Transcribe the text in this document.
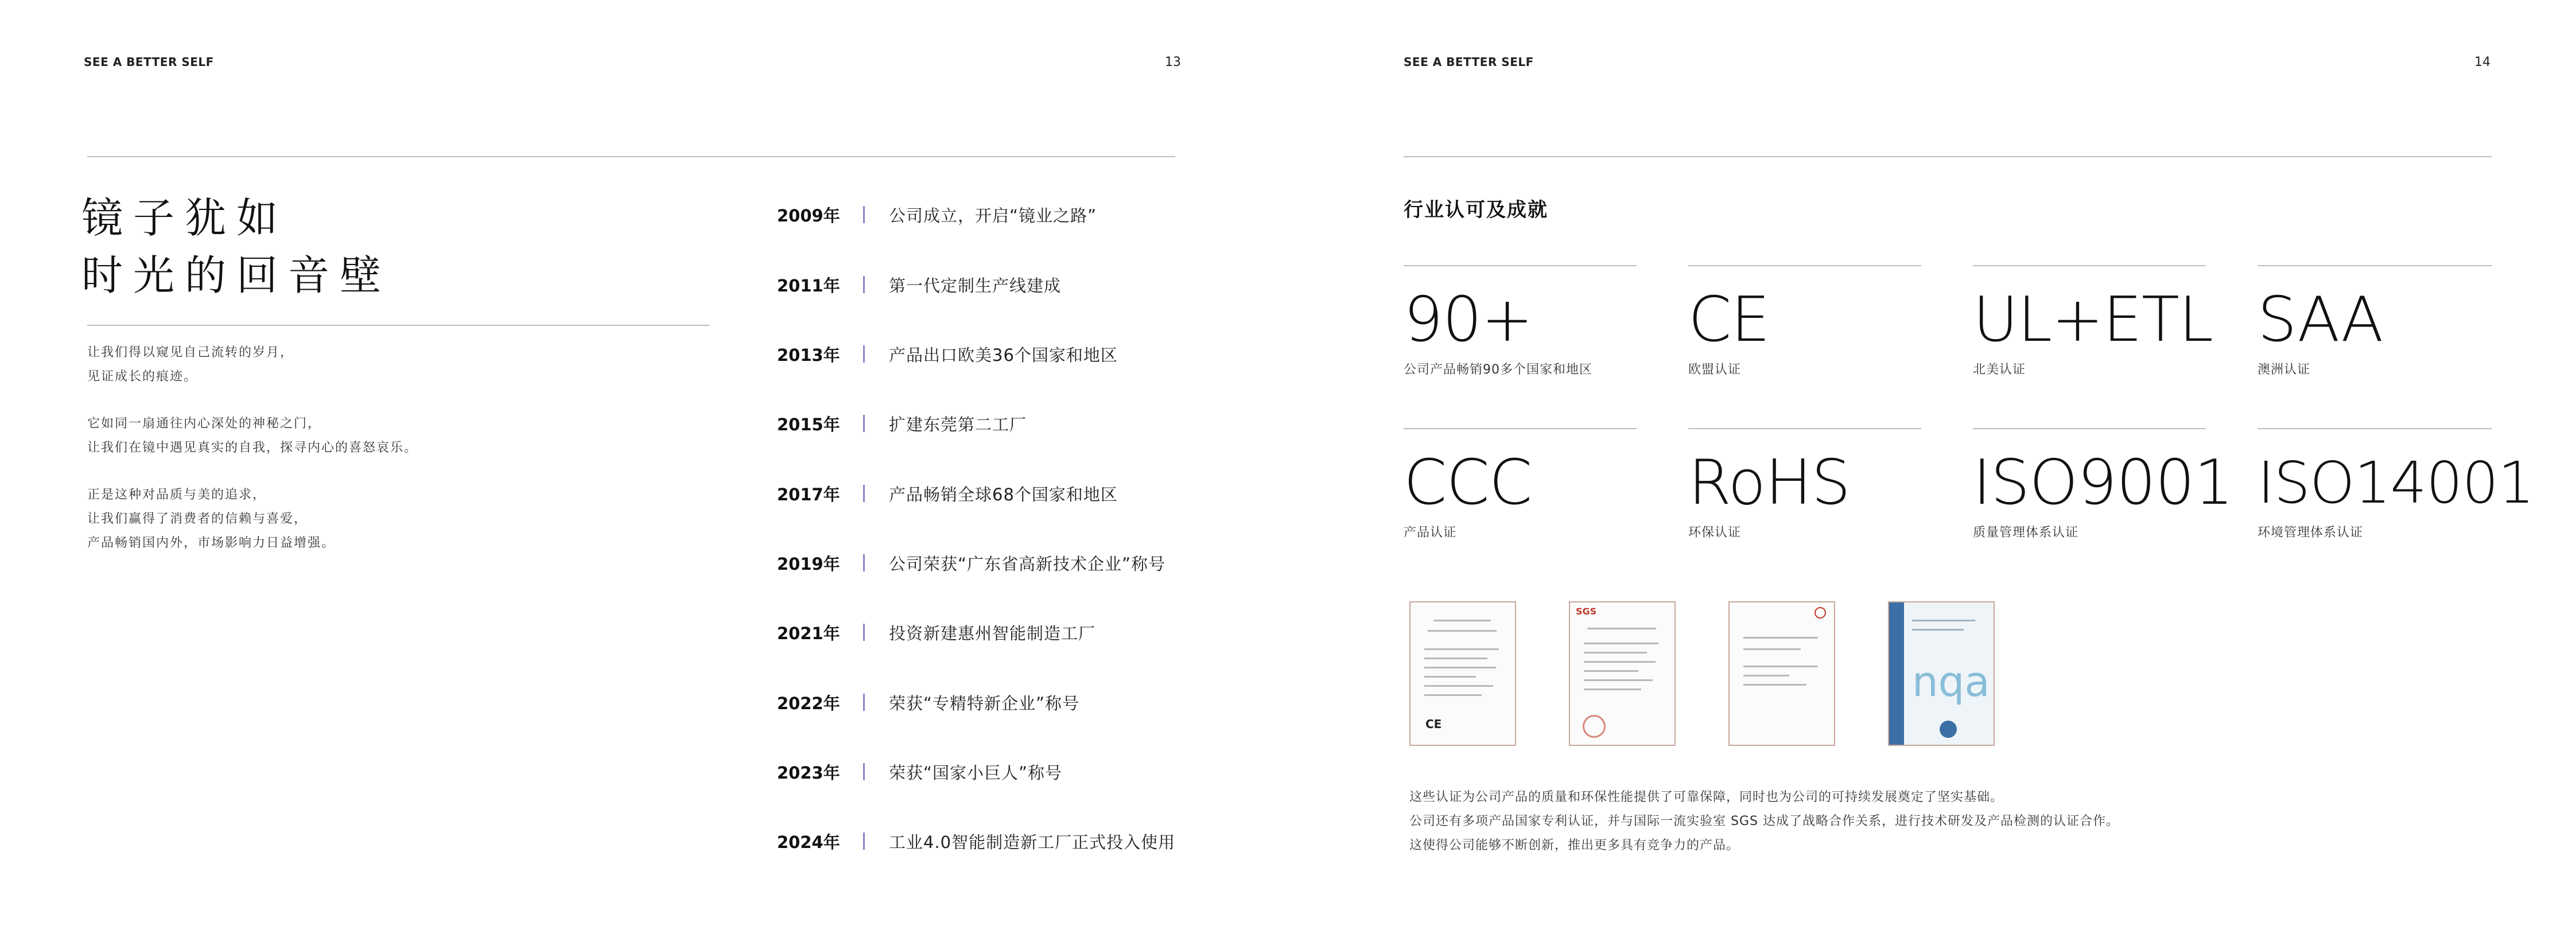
SEE A BETTER SELF	13
镜子犹如
时光的回音壁
让我们得以窥见自己流转的岁月，
见证成长的痕迹。
它如同一扇通往内心深处的神秘之门，
让我们在镜中遇见真实的自我，探寻内心的喜怒哀乐。
正是这种对品质与美的追求，
让我们赢得了消费者的信赖与喜爱，
产品畅销国内外，市场影响力日益增强。
2009年	公司成立，开启“镜业之路”
2011年	第一代定制生产线建成
2013年	产品出口欧美36个国家和地区
2015年	扩建东莞第二工厂
2017年	产品畅销全球68个国家和地区
2019年	公司荣获“广东省高新技术企业”称号
2021年	投资新建惠州智能制造工厂
2022年	荣获“专精特新企业”称号
2023年	荣获“国家小巨人”称号
2024年	工业4.0智能制造新工厂正式投入使用
SEE A BETTER SELF	14
行业认可及成就
90+
公司产品畅销90多个国家和地区
CE
欧盟认证
UL+ETL
北美认证
SAA
澳洲认证
CCC
产品认证
RoHS
环保认证
ISO9001
质量管理体系认证
ISO14001
环境管理体系认证
CE
SGS
nqa
这些认证为公司产品的质量和环保性能提供了可靠保障，同时也为公司的可持续发展奠定了坚实基础。
公司还有多项产品国家专利认证，并与国际一流实验室 SGS 达成了战略合作关系，进行技术研发及产品检测的认证合作。
这使得公司能够不断创新，推出更多具有竞争力的产品。
